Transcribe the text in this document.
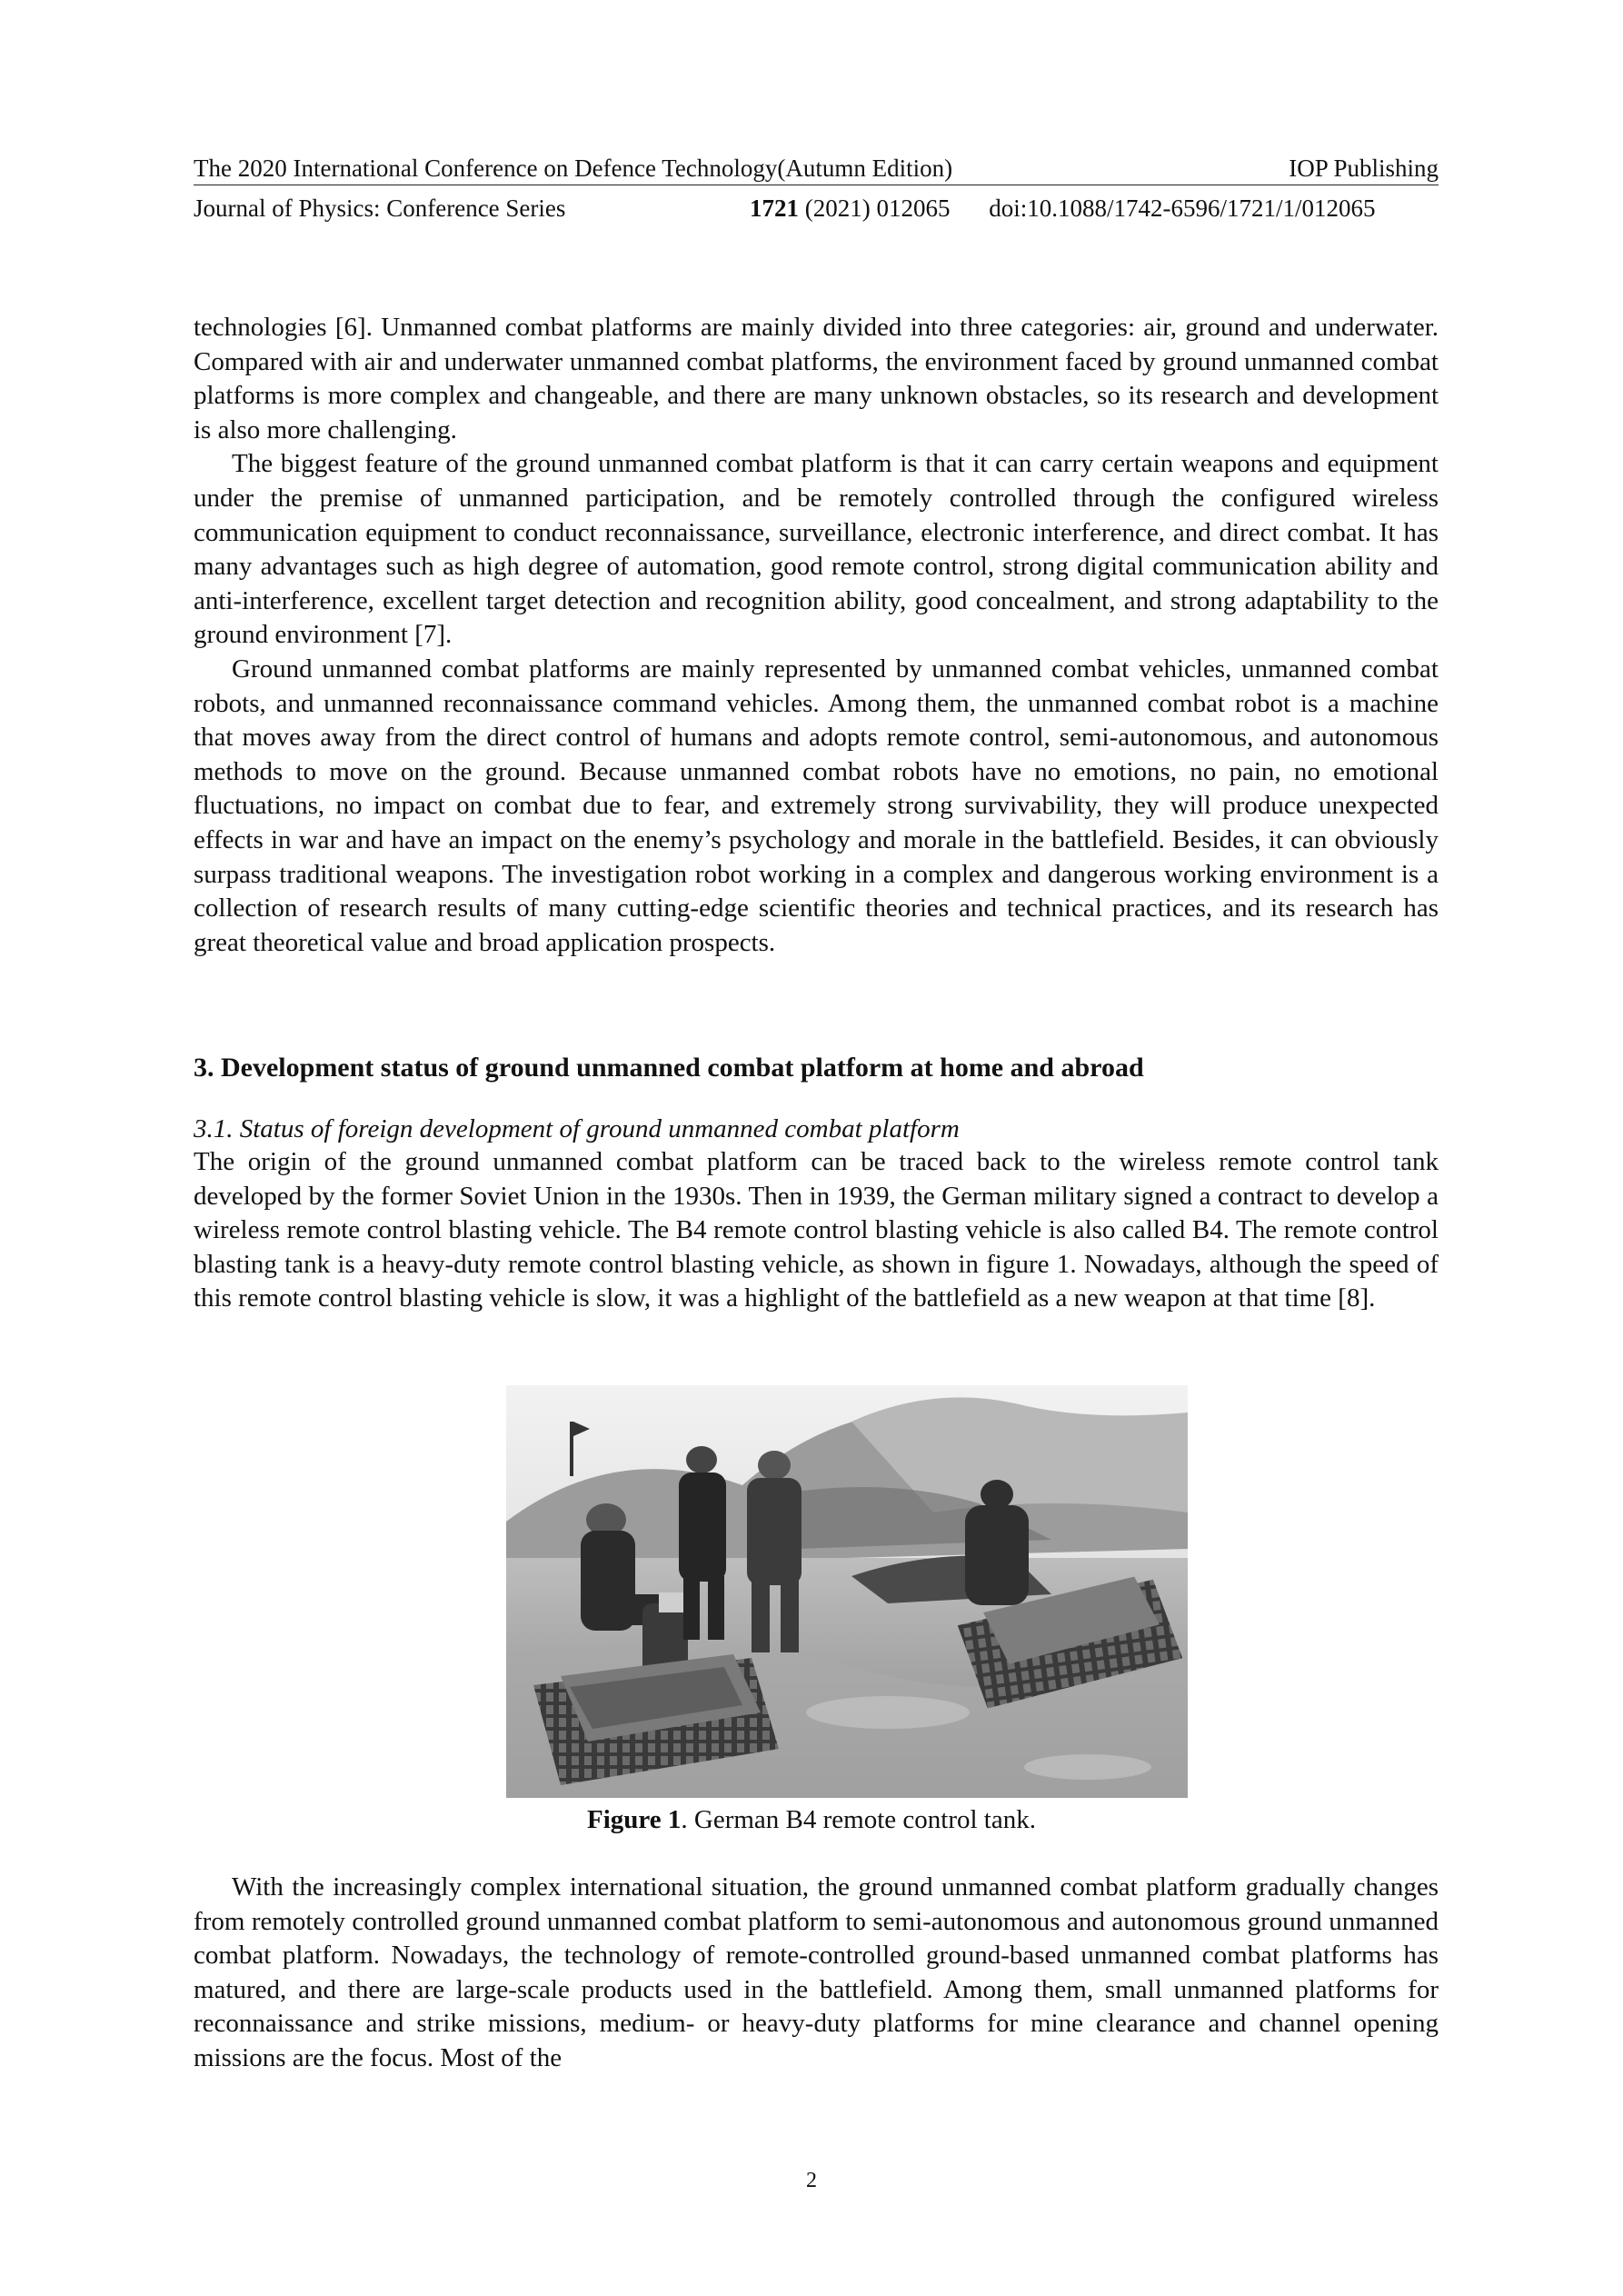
The 2020 International Conference on Defence Technology(Autumn Edition)	IOP Publishing
Journal of Physics: Conference Series	1721 (2021) 012065 doi:10.1088/1742-6596/1721/1/012065

technologies [6]. Unmanned combat platforms are mainly divided into three categories: air, ground and underwater. Compared with air and underwater unmanned combat platforms, the environment faced by ground unmanned combat platforms is more complex and changeable, and there are many unknown obstacles, so its research and development is also more challenging.

The biggest feature of the ground unmanned combat platform is that it can carry certain weapons and equipment under the premise of unmanned participation, and be remotely controlled through the configured wireless communication equipment to conduct reconnaissance, surveillance, electronic interference, and direct combat. It has many advantages such as high degree of automation, good remote control, strong digital communication ability and anti-interference, excellent target detection and recognition ability, good concealment, and strong adaptability to the ground environment [7].

Ground unmanned combat platforms are mainly represented by unmanned combat vehicles, unmanned combat robots, and unmanned reconnaissance command vehicles. Among them, the unmanned combat robot is a machine that moves away from the direct control of humans and adopts remote control, semi-autonomous, and autonomous methods to move on the ground. Because unmanned combat robots have no emotions, no pain, no emotional fluctuations, no impact on combat due to fear, and extremely strong survivability, they will produce unexpected effects in war and have an impact on the enemy’s psychology and morale in the battlefield. Besides, it can obviously surpass traditional weapons. The investigation robot working in a complex and dangerous working environment is a collection of research results of many cutting-edge scientific theories and technical practices, and its research has great theoretical value and broad application prospects.

3. Development status of ground unmanned combat platform at home and abroad
3.1. Status of foreign development of ground unmanned combat platform

The origin of the ground unmanned combat platform can be traced back to the wireless remote control tank developed by the former Soviet Union in the 1930s. Then in 1939, the German military signed a contract to develop a wireless remote control blasting vehicle. The B4 remote control blasting vehicle is also called B4. The remote control blasting tank is a heavy-duty remote control blasting vehicle, as shown in figure 1. Nowadays, although the speed of this remote control blasting vehicle is slow, it was a highlight of the battlefield as a new weapon at that time [8].

Figure 1. German B4 remote control tank.

With the increasingly complex international situation, the ground unmanned combat platform gradually changes from remotely controlled ground unmanned combat platform to semi-autonomous and autonomous ground unmanned combat platform. Nowadays, the technology of remote-controlled ground-based unmanned combat platforms has matured, and there are large-scale products used in the battlefield. Among them, small unmanned platforms for reconnaissance and strike missions, medium- or heavy-duty platforms for mine clearance and channel opening missions are the focus. Most of the

2
